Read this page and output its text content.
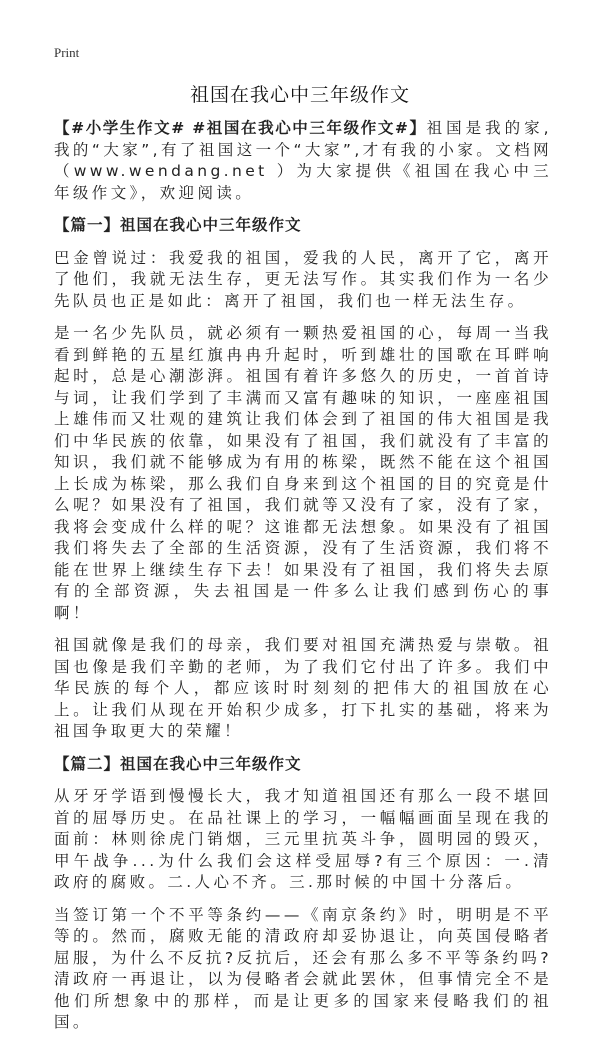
Print
祖国在我心中三年级作文

【#小学生作文# #祖国在我心中三年级作文#】祖国是我的家,我的“大家”,有了祖国这一个“大家”,才有我的小家。文档网（www.wendang.net ）为大家提供《祖国在我心中三年级作文》，欢迎阅读。

【篇一】祖国在我心中三年级作文

巴金曾说过：我爱我的祖国，爱我的人民，离开了它，离开了他们，我就无法生存，更无法写作。其实我们作为一名少先队员也正是如此：离开了祖国，我们也一样无法生存。

是一名少先队员，就必须有一颗热爱祖国的心，每周一当我看到鲜艳的五星红旗冉冉升起时，听到雄壮的国歌在耳畔响起时，总是心潮澎湃。祖国有着许多悠久的历史，一首首诗与词，让我们学到了丰满而又富有趣味的知识，一座座祖国上雄伟而又壮观的建筑让我们体会到了祖国的伟大祖国是我们中华民族的依靠，如果没有了祖国，我们就没有了丰富的知识，我们就不能够成为有用的栋梁，既然不能在这个祖国上长成为栋梁，那么我们自身来到这个祖国的目的究竟是什么呢？如果没有了祖国，我们就等又没有了家，没有了家，我将会变成什么样的呢？这谁都无法想象。如果没有了祖国我们将失去了全部的生活资源，没有了生活资源，我们将不能在世界上继续生存下去！如果没有了祖国，我们将失去原有的全部资源，失去祖国是一件多么让我们感到伤心的事啊！

祖国就像是我们的母亲，我们要对祖国充满热爱与崇敬。祖国也像是我们辛勤的老师，为了我们它付出了许多。我们中华民族的每个人，都应该时时刻刻的把伟大的祖国放在心上。让我们从现在开始积少成多，打下扎实的基础，将来为祖国争取更大的荣耀！

【篇二】祖国在我心中三年级作文

从牙牙学语到慢慢长大，我才知道祖国还有那么一段不堪回首的屈辱历史。在品社课上的学习，一幅幅画面呈现在我的面前：林则徐虎门销烟，三元里抗英斗争，圆明园的毁灭，甲午战争...为什么我们会这样受屈辱?有三个原因：一.清政府的腐败。二.人心不齐。三.那时候的中国十分落后。

当签订第一个不平等条约——《南京条约》时，明明是不平等的。然而，腐败无能的清政府却妥协退让，向英国侵略者屈服，为什么不反抗?反抗后，还会有那么多不平等条约吗?清政府一再退让，以为侵略者会就此罢休，但事情完全不是他们所想象中的那样，而是让更多的国家来侵略我们的祖国。
